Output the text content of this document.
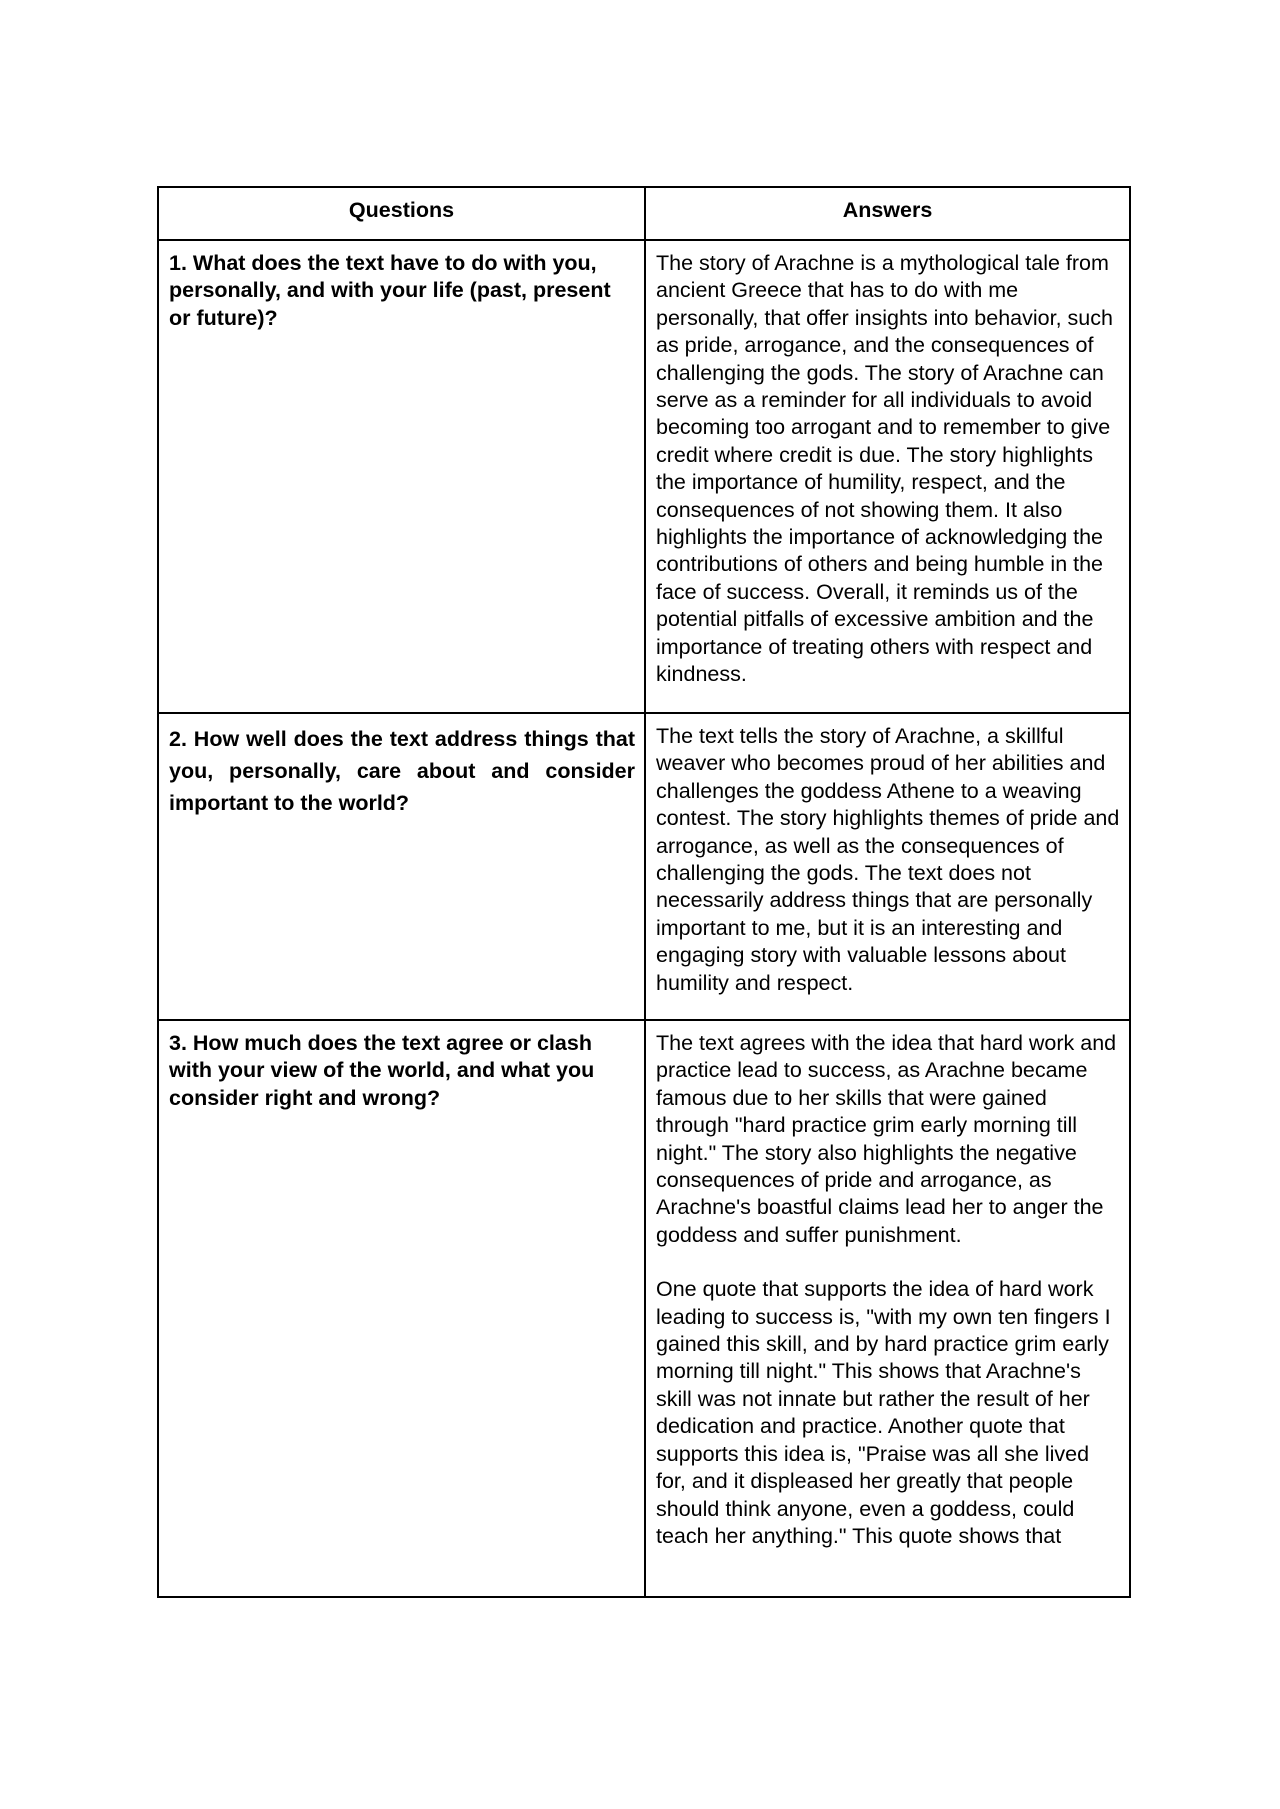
Questions	Answers
1. What does the text have to do with you, personally, and with your life (past, present or future)?	The story of Arachne is a mythological tale from ancient Greece that has to do with me personally, that offer insights into behavior, such as pride, arrogance, and the consequences of challenging the gods. The story of Arachne can serve as a reminder for all individuals to avoid becoming too arrogant and to remember to give credit where credit is due. The story highlights the importance of humility, respect, and the consequences of not showing them. It also highlights the importance of acknowledging the contributions of others and being humble in the face of success. Overall, it reminds us of the potential pitfalls of excessive ambition and the importance of treating others with respect and kindness.

2. How well does the text address things that you, personally, care about and consider important to the world?	The text tells the story of Arachne, a skillful weaver who becomes proud of her abilities and challenges the goddess Athene to a weaving contest. The story highlights themes of pride and arrogance, as well as the consequences of challenging the gods. The text does not necessarily address things that are personally important to me, but it is an interesting and engaging story with valuable lessons about humility and respect.

3. How much does the text agree or clash with your view of the world, and what you consider right and wrong?	The text agrees with the idea that hard work and practice lead to success, as Arachne became famous due to her skills that were gained through "hard practice grim early morning till night." The story also highlights the negative consequences of pride and arrogance, as Arachne's boastful claims lead her to anger the goddess and suffer punishment.

One quote that supports the idea of hard work leading to success is, "with my own ten fingers I gained this skill, and by hard practice grim early morning till night." This shows that Arachne's skill was not innate but rather the result of her dedication and practice. Another quote that supports this idea is, "Praise was all she lived for, and it displeased her greatly that people should think anyone, even a goddess, could teach her anything." This quote shows that
